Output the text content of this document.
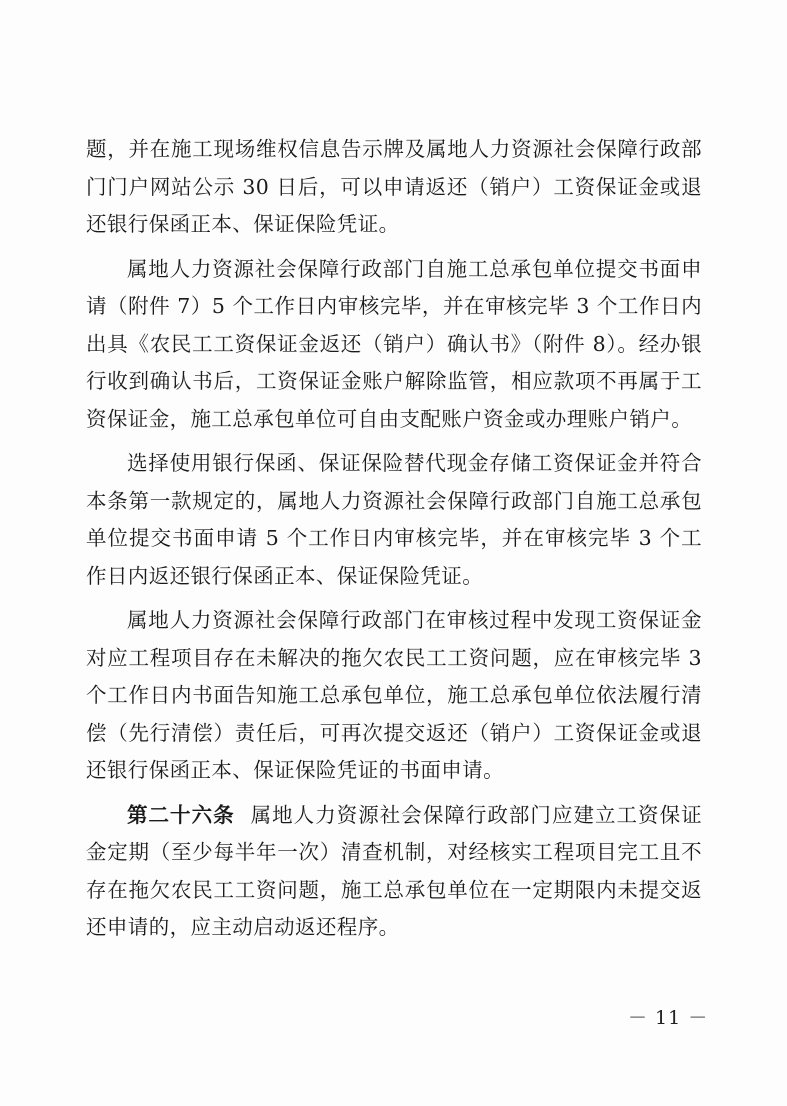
题，并在施工现场维权信息告示牌及属地人力资源社会保障行政部门门户网站公示 30 日后，可以申请返还（销户）工资保证金或退还银行保函正本、保证保险凭证。

属地人力资源社会保障行政部门自施工总承包单位提交书面申请（附件 7）5 个工作日内审核完毕，并在审核完毕 3 个工作日内出具《农民工工资保证金返还（销户）确认书》（附件 8）。经办银行收到确认书后，工资保证金账户解除监管，相应款项不再属于工资保证金，施工总承包单位可自由支配账户资金或办理账户销户。

选择使用银行保函、保证保险替代现金存储工资保证金并符合本条第一款规定的，属地人力资源社会保障行政部门自施工总承包单位提交书面申请 5 个工作日内审核完毕，并在审核完毕 3 个工作日内返还银行保函正本、保证保险凭证。

属地人力资源社会保障行政部门在审核过程中发现工资保证金对应工程项目存在未解决的拖欠农民工工资问题，应在审核完毕 3 个工作日内书面告知施工总承包单位，施工总承包单位依法履行清偿（先行清偿）责任后，可再次提交返还（销户）工资保证金或退还银行保函正本、保证保险凭证的书面申请。

第二十六条 属地人力资源社会保障行政部门应建立工资保证金定期（至少每半年一次）清查机制，对经核实工程项目完工且不存在拖欠农民工工资问题，施工总承包单位在一定期限内未提交返还申请的，应主动启动返还程序。

－ 11 －
